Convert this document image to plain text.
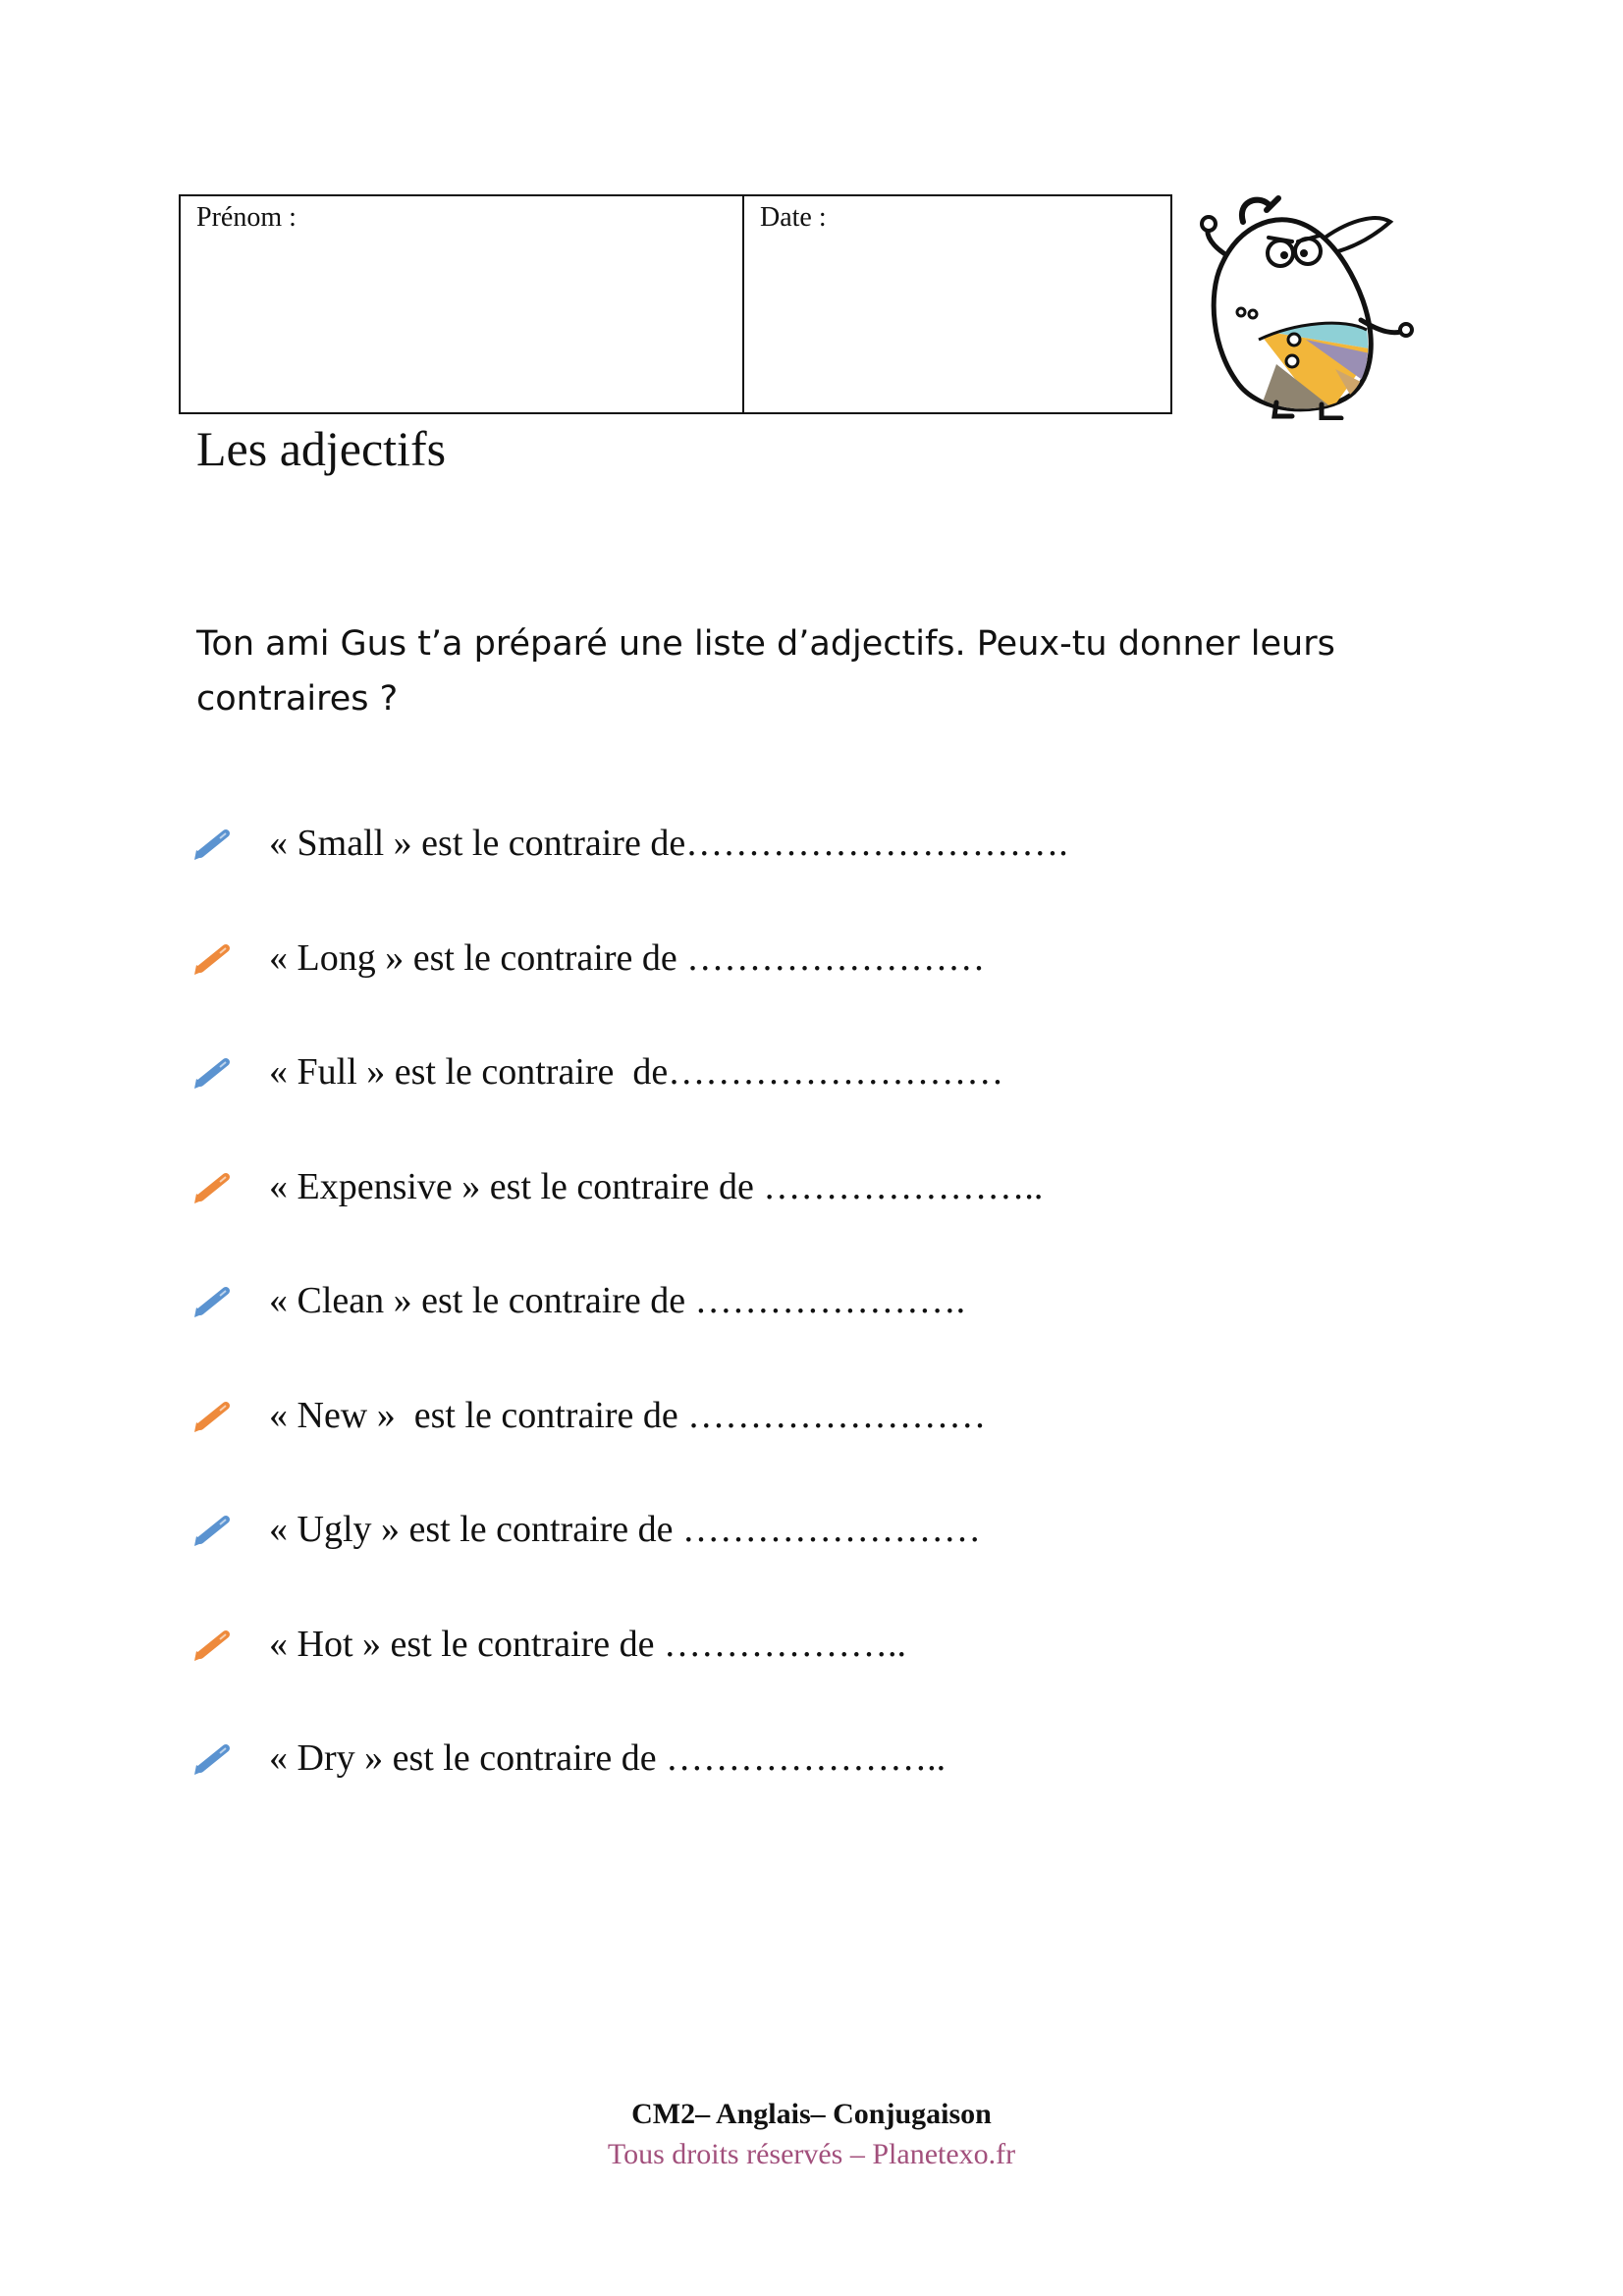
Prénom :	Date :
Les adjectifs
Ton ami Gus t’a préparé une liste d’adjectifs. Peux-tu donner leurs contraires ?
« Small » est le contraire de………………………….
« Long » est le contraire de ……………………
« Full » est le contraire  de………………………
« Expensive » est le contraire de …………………..
« Clean » est le contraire de ………………….
« New »  est le contraire de ……………………
« Ugly » est le contraire de ……………………
« Hot » est le contraire de ………………..
« Dry » est le contraire de …………………..
CM2– Anglais– Conjugaison
Tous droits réservés – Planetexo.fr
